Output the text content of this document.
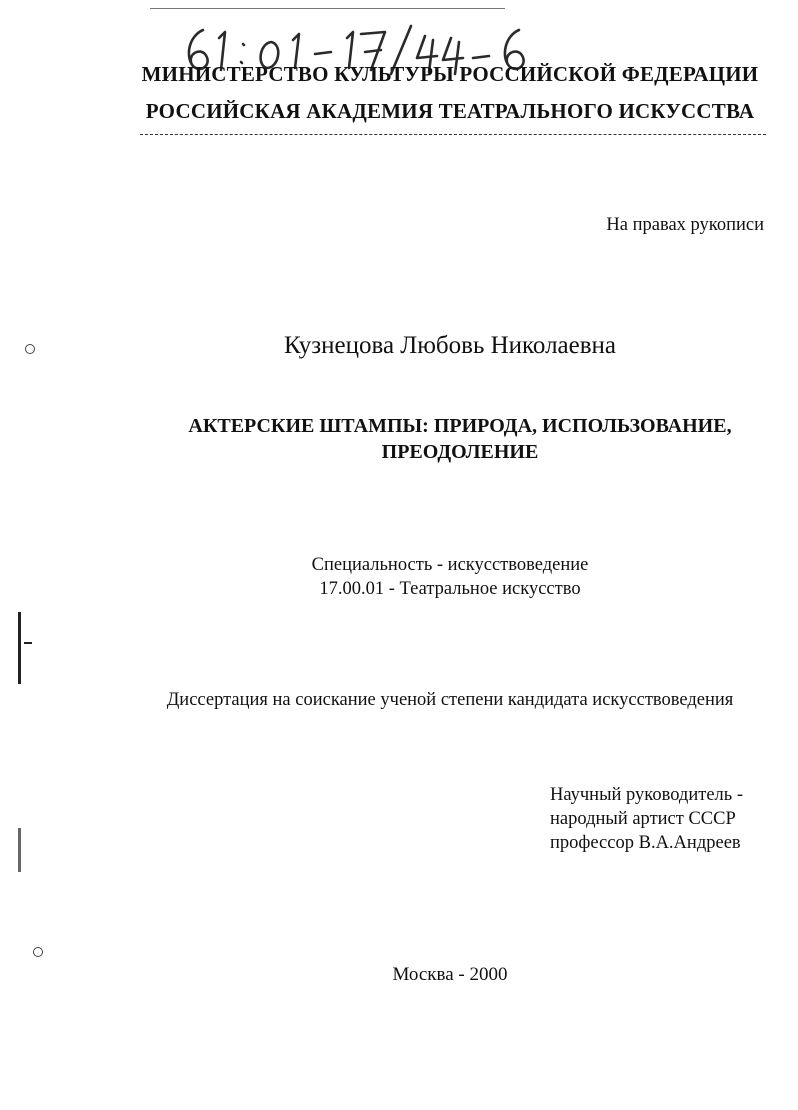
МИНИСТЕРСТВО КУЛЬТУРЫ РОССИЙСКОЙ ФЕДЕРАЦИИ
РОССИЙСКАЯ АКАДЕМИЯ ТЕАТРАЛЬНОГО ИСКУССТВА
На правах рукописи
Кузнецова Любовь Николаевна
АКТЕРСКИЕ ШТАМПЫ: ПРИРОДА, ИСПОЛЬЗОВАНИЕ,
ПРЕОДОЛЕНИЕ
Специальность - искусствоведение
17.00.01 - Театральное искусство
Диссертация на соискание ученой степени кандидата искусствоведения
Научный руководитель -
народный артист СССР
профессор В.А.Андреев
Москва - 2000
